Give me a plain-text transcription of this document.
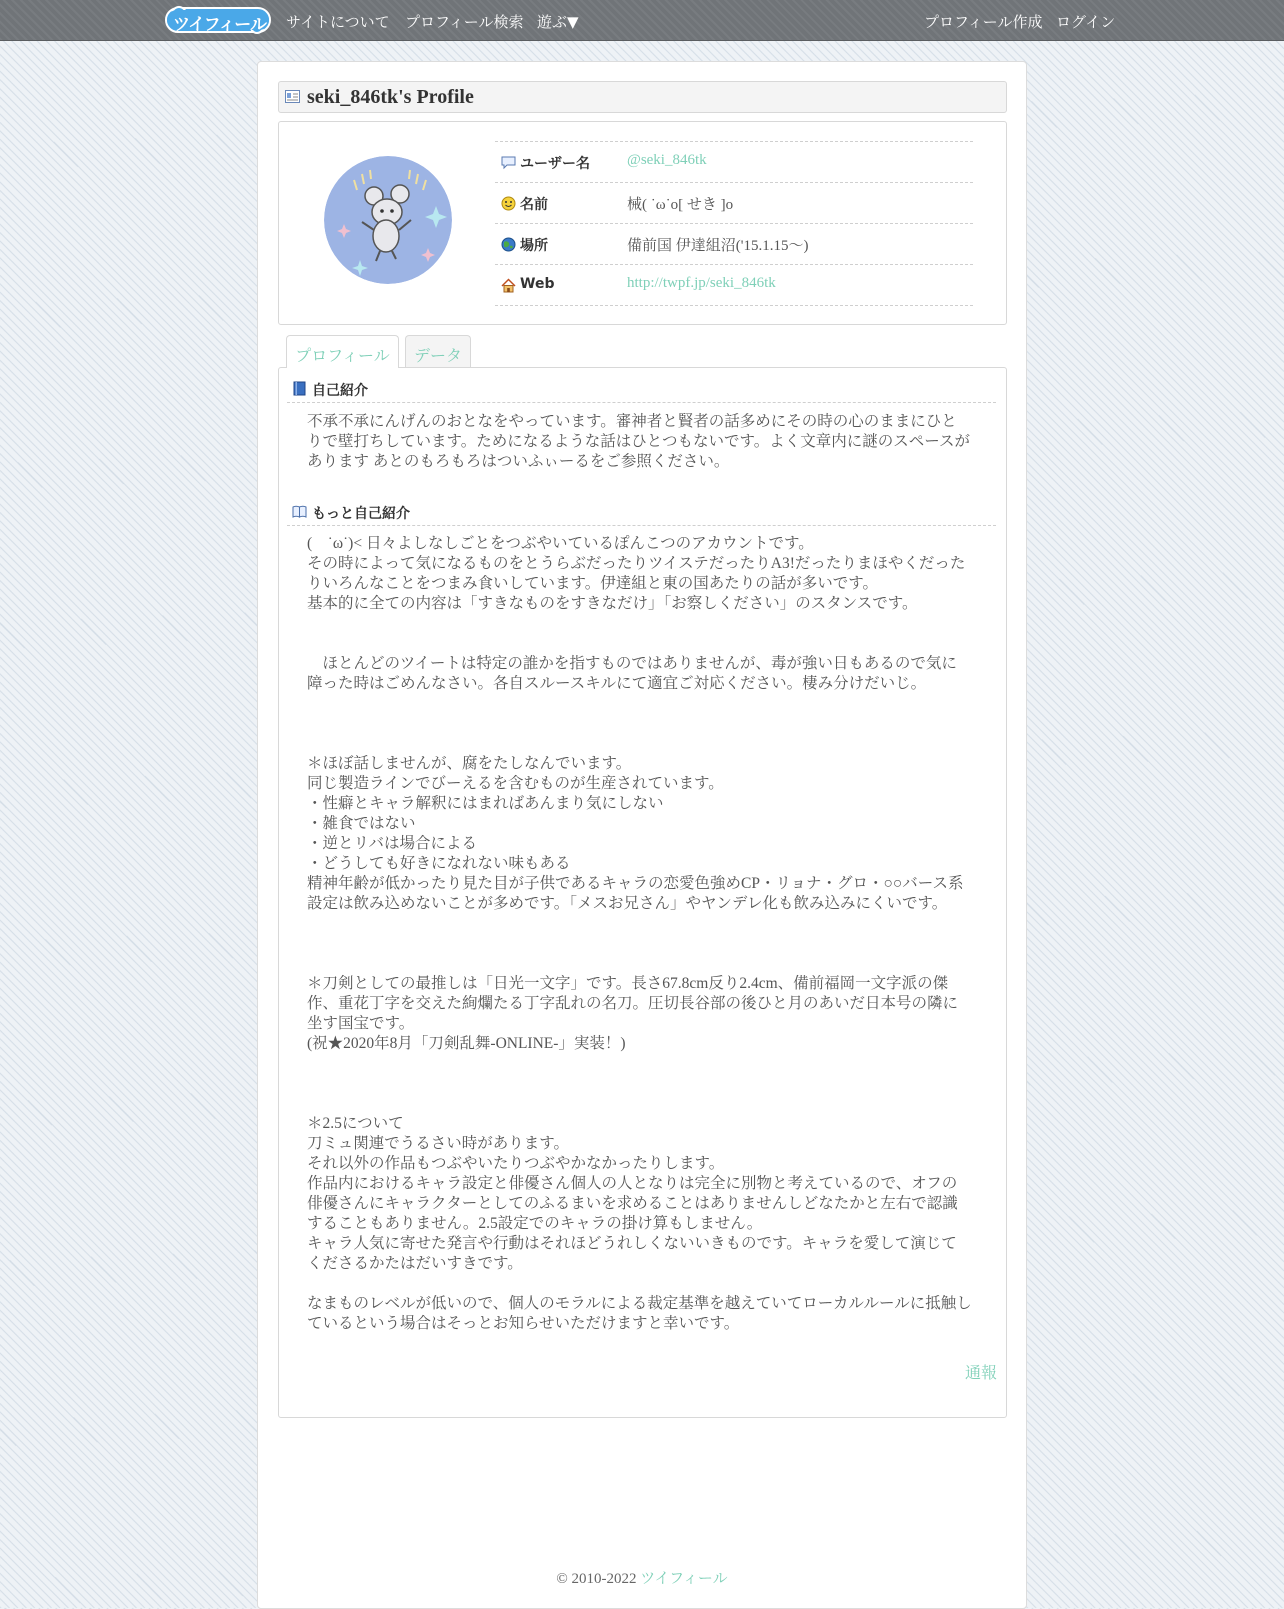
ツイフィール サイトについて プロフィール検索 遊ぶ▼	プロフィール作成 ログイン
seki_846tk's Profile
ユーザー名 @seki_846tk
名前	械( ˙ω˙o[ せき ]o
場所	備前国 伊達組沼('15.1.15〜)
Web	http://twpf.jp/seki_846tk
プロフィール	データ
自己紹介
不承不承にんげんのおとなをやっています。審神者と賢者の話多めにその時の心のままにひとりで壁打ちしています。ためになるような話はひとつもないです。よく文章内に謎のスペースがあります󠀠 あとのもろもろはついふぃーるをご参照ください。
もっと自己紹介
(　˙ω˙)< 日々よしなしごとをつぶやいているぽんこつのアカウントです。
その時によって気になるものをとうらぶだったりツイステだったりA3!だったりまほやくだったりいろんなことをつまみ食いしています。伊達組と東の国あたりの話が多いです。
基本的に全ての内容は「すきなものをすきなだけ」「お察しください」のスタンスです。

　ほとんどのツイートは特定の誰かを指すものではありませんが、毒が強い日もあるので気に障った時はごめんなさい。各自スルースキルにて適宜ご対応ください。棲み分けだいじ。

＊ほぼ話しませんが、腐をたしなんでいます。
同じ製造ラインでびーえるを含むものが生産されています。
・性癖とキャラ解釈にはまればあんまり気にしない
・雑食ではない
・逆とリバは場合による
・どうしても好きになれない味もある
精神年齢が低かったり見た目が子供であるキャラの恋愛色強めCP・リョナ・グロ・○○バース系設定は飲み込めないことが多めです。「メスお兄さん」やヤンデレ化も飲み込みにくいです。

＊刀剣としての最推しは「日光一文字」です。長さ67.8cm反り2.4cm、備前福岡一文字派の傑作、重花丁字を交えた絢爛たる丁字乱れの名刀。圧切長谷部の後ひと月のあいだ日本号の隣に坐す国宝です。
(祝★2020年8月「刀剣乱舞-ONLINE-」実装！)

＊2.5について
刀ミュ関連でうるさい時があります。
それ以外の作品もつぶやいたりつぶやかなかったりします。
作品内におけるキャラ設定と俳優さん個人の人となりは完全に別物と考えているので、オフの俳優さんにキャラクターとしてのふるまいを求めることはありませんしどなたかと左右で認識することもありません。2.5設定でのキャラの掛け算もしません。
キャラ人気に寄せた発言や行動はそれほどうれしくないいきものです。キャラを愛して演じてくださるかたはだいすきです。

なまものレベルが低いので、個人のモラルによる裁定基準を越えていてローカルルールに抵触しているという場合はそっとお知らせいただけますと幸いです。
通報
© 2010-2022 ツイフィール
